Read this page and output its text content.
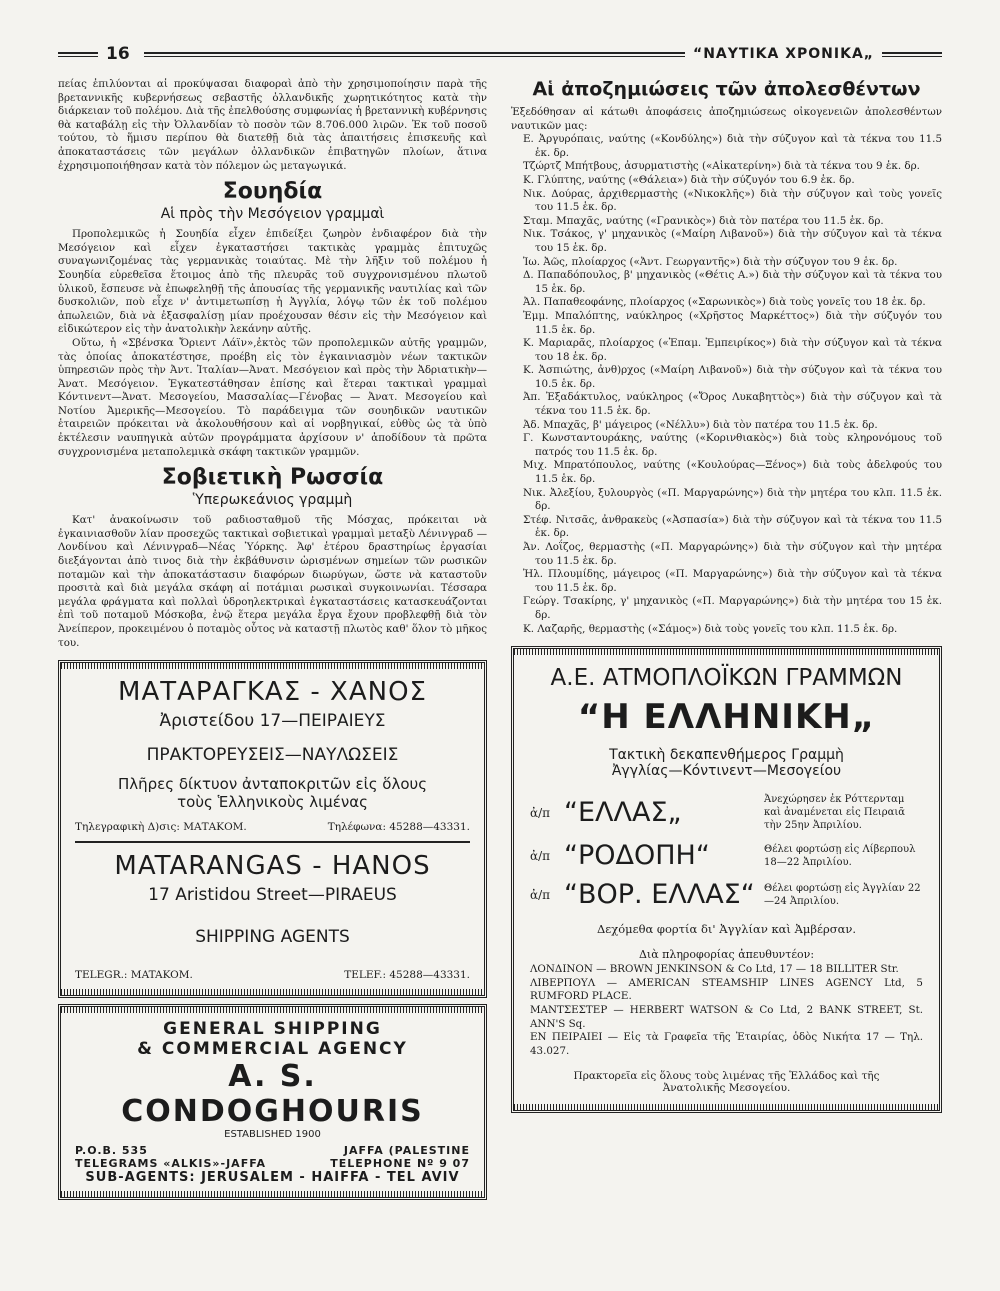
16	“ΝΑΥΤΙΚΑ ΧΡΟΝΙΚΑ„

πείας ἐπιλύονται αἱ προκύψασαι διαφοραὶ ἀπὸ τὴν χρησιμοποίησιν παρὰ τῆς βρεταννικῆς κυβερνήσεως σεβαστῆς ὀλλανδικῆς χωρητικότητος κατὰ τὴν διάρκειαν τοῦ πολέμου. Διὰ τῆς ἐπελθούσης συμφωνίας ἡ βρεταννικὴ κυβέρνησις θὰ καταβάλῃ εἰς τὴν Ὀλλανδίαν τὸ ποσὸν τῶν 8.706.000 λιρῶν. Ἐκ τοῦ ποσοῦ τούτου, τὸ ἥμισυ περίπου θὰ διατεθῇ διὰ τὰς ἀπαιτήσεις ἐπισκευῆς καὶ ἀποκαταστάσεις τῶν μεγάλων ὀλλανδικῶν ἐπιβατηγῶν πλοίων, ἅτινα ἐχρησιμοποιήθησαν κατὰ τὸν πόλεμον ὡς μεταγωγικά.

Σουηδία
Αἱ πρὸς τὴν Μεσόγειον γραμμαὶ

Προπολεμικῶς ἡ Σουηδία εἶχεν ἐπιδείξει ζωηρὸν ἐνδιαφέρον διὰ τὴν Μεσόγειον καὶ εἶχεν ἐγκαταστήσει τακτικὰς γραμμὰς ἐπιτυχῶς συναγωνιζομένας τὰς γερμανικὰς τοιαύτας. Μὲ τὴν λῆξιν τοῦ πολέμου ἡ Σουηδία εὑρεθεῖσα ἕτοιμος ἀπὸ τῆς πλευρᾶς τοῦ συγχρονισμένου πλωτοῦ ὑλικοῦ, ἔσπευσε νὰ ἐπωφεληθῇ τῆς ἀπουσίας τῆς γερμανικῆς ναυτιλίας καὶ τῶν δυσκολιῶν, ποὺ εἶχε ν' ἀντιμετωπίσῃ ἡ Ἀγγλία, λόγῳ τῶν ἐκ τοῦ πολέμου ἀπωλειῶν, διὰ νὰ ἐξασφαλίσῃ μίαν προέχουσαν θέσιν εἰς τὴν Μεσόγειον καὶ εἰδικώτερον εἰς τὴν ἀνατολικὴν λεκάνην αὐτῆς.

Οὕτω, ἡ «Σβένσκα Ὄριεντ Λάϊν»,ἐκτὸς τῶν προπολεμικῶν αὐτῆς γραμμῶν, τὰς ὁποίας ἀποκατέστησε, προέβη εἰς τὸν ἐγκαινιασμὸν νέων τακτικῶν ὑπηρεσιῶν πρὸς τὴν Ἀντ. Ἰταλίαν—Ἀνατ. Μεσόγειον καὶ πρὸς τὴν Ἀδριατικὴν—Ἀνατ. Μεσόγειον. Ἐγκατεστάθησαν ἐπίσης καὶ ἕτεραι τακτικαὶ γραμμαὶ Κόντινεντ—Ἀνατ. Μεσογείου, Μασσαλίας—Γένοβας — Ἀνατ. Μεσογείου καὶ Νοτίου Ἀμερικῆς—Μεσογείου. Τὸ παράδειγμα τῶν σουηδικῶν ναυτικῶν ἑταιρειῶν πρόκειται νὰ ἀκολουθήσουν καὶ αἱ νορβηγικαί, εὐθὺς ὡς τὰ ὑπὸ ἐκτέλεσιν ναυπηγικὰ αὐτῶν προγράμματα ἀρχίσουν ν' ἀποδίδουν τὰ πρῶτα συγχρονισμένα μεταπολεμικὰ σκάφη τακτικῶν γραμμῶν.

Σοβιετικὴ Ρωσσία
Ὑπερωκεάνιος γραμμὴ

Κατ' ἀνακοίνωσιν τοῦ ραδιοσταθμοῦ τῆς Μόσχας, πρόκειται νὰ ἐγκαινιασθοῦν λίαν προσεχῶς τακτικαὶ σοβιετικαὶ γραμμαὶ μεταξὺ Λένινγραδ —Λονδίνου καὶ Λένινγραδ—Νέας Ὑόρκης. Ἀφ' ἑτέρου δραστηρίως ἐργασίαι διεξάγονται ἀπὸ τινος διὰ τὴν ἐκβάθυνσιν ὡρισμένων σημείων τῶν ρωσικῶν ποταμῶν καὶ τὴν ἀποκατάστασιν διαφόρων διωρύγων, ὥστε νὰ καταστοῦν προσιτὰ καὶ διὰ μεγάλα σκάφη αἱ ποτάμιαι ρωσικαὶ συγκοινωνίαι. Τέσσαρα μεγάλα φράγματα καὶ πολλαὶ ὑδροηλεκτρικαὶ ἐγκαταστάσεις κατασκευάζονται ἐπὶ τοῦ ποταμοῦ Μόσκοβα, ἐνῷ ἕτερα μεγάλα ἔργα ἔχουν προβλεφθῇ διὰ τὸν Ἀνείπερον, προκειμένου ὁ ποταμὸς οὗτος νὰ καταστῇ πλωτὸς καθ' ὅλον τὸ μῆκος του.

ΜΑΤΑΡΑΓΚΑΣ - ΧΑΝΟΣ
Ἀριστείδου 17—ΠΕΙΡΑΙΕΥΣ
ΠΡΑΚΤΟΡΕΥΣΕΙΣ—ΝΑΥΛΩΣΕΙΣ
Πλῆρες δίκτυον ἀνταποκριτῶν εἰς ὅλους τοὺς Ἑλληνικοὺς λιμένας
Τηλεγραφικὴ Δ)σις: ΜΑΤΑΚΟΜ.	Τηλέφωνα: 45288—43331.
MATARANGAS - HANOS
17 Aristidou Street—PIRAEUS
SHIPPING AGENTS
TELEGR.: MATAKOM.	TELEF.: 45288—43331.
GENERAL SHIPPING
& COMMERCIAL AGENCY
A. S. CONDOGHOURIS
ESTABLISHED 1900
P.O.B. 535	JAFFA (PALESTINE
TELEGRAMS «ALKIS»-JAFFA	TELEPHONE Nº 9 07
SUB-AGENTS: JERUSALEM - HAIFFA - TEL AVIV
Αἱ ἀποζημιώσεις τῶν ἀπολεσθέντων

Ἐξεδόθησαν αἱ κάτωθι ἀποφάσεις ἀποζημιώσεως οἰκογενειῶν ἀπολεσθέντων ναυτικῶν μας:

Ε. Ἀργυρόπαις, ναύτης («Κονδύλης») διὰ τὴν σύζυγον καὶ τὰ τέκνα του 11.5 ἑκ. δρ.

Τζώρτζ Μπήτβους, ἀσυρματιστὴς («Αἰκατερίνη») διὰ τὰ τέκνα του 9 ἑκ. δρ.

Κ. Γλύπτης, ναύτης («Θάλεια») διὰ τὴν σύζυγόν του 6.9 ἑκ. δρ.

Νικ. Δούρας, ἀρχιθερμαστὴς («Νικοκλῆς») διὰ τὴν σύζυγον καὶ τοὺς γονεῖς του 11.5 ἑκ. δρ.

Σταμ. Μπαχᾶς, ναύτης («Γρανικὸς») διὰ τὸν πατέρα του 11.5 ἑκ. δρ.

Νικ. Τσάκος, γ' μηχανικὸς («Μαίρη Λιβανοῦ») διὰ τὴν σύζυγον καὶ τὰ τέκνα του 15 ἑκ. δρ.

Ἰω. Ἀῶς, πλοίαρχος («Ἀντ. Γεωργαντῆς») διὰ τὴν σύζυγον του 9 ἑκ. δρ.

Δ. Παπαδόπουλος, β' μηχανικὸς («Θέτις Α.») διὰ τὴν σύζυγον καὶ τὰ τέκνα του 15 ἑκ. δρ.

Ἀλ. Παπαθεοφάνης, πλοίαρχος («Σαρωνικὸς») διὰ τοὺς γονεῖς του 18 ἑκ. δρ.

Ἐμμ. Μπαλόπτης, ναύκληρος («Χρῆστος Μαρκέττος») διὰ τὴν σύζυγόν του 11.5 ἑκ. δρ.

Κ. Μαριαρᾶς, πλοίαρχος («Ἐπαμ. Ἐμπειρίκος») διὰ τὴν σύζυγον καὶ τὰ τέκνα του 18 ἑκ. δρ.

Κ. Ἀσπιώτης, ἀνθ)ρχος («Μαίρη Λιβανοῦ») διὰ τὴν σύζυγον καὶ τὰ τέκνα του 10.5 ἑκ. δρ.

Ἀπ. Ἐξαδάκτυλος, ναύκληρος («Ὄρος Λυκαβηττὸς») διὰ τὴν σύζυγον καὶ τὰ τέκνα του 11.5 ἑκ. δρ.

Ἀδ. Μπαχᾶς, β' μάγειρος («Νέλλυ») διὰ τὸν πατέρα του 11.5 ἑκ. δρ.

Γ. Κωνσταντουράκης, ναύτης («Κορινθιακὸς») διὰ τοὺς κληρονόμους τοῦ πατρός του 11.5 ἑκ. δρ.

Μιχ. Μπρατόπουλος, ναύτης («Κουλούρας—Ξένος») διὰ τοὺς ἀδελφούς του 11.5 ἑκ. δρ.

Νικ. Ἀλεξίου, ξυλουργὸς («Π. Μαργαρώνης») διὰ τὴν μητέρα του κλπ. 11.5 ἑκ. δρ.

Στέφ. Νιτσᾶς, ἀνθρακεὺς («Ἀσπασία») διὰ τὴν σύζυγον καὶ τὰ τέκνα του 11.5 ἑκ. δρ.

Ἀν. Λοΐζος, θερμαστὴς («Π. Μαργαρώνης») διὰ τὴν σύζυγον καὶ τὴν μητέρα του 11.5 ἑκ. δρ.

Ἠλ. Πλουμίδης, μάγειρος («Π. Μαργαρώνης») διὰ τὴν σύζυγον καὶ τὰ τέκνα του 11.5 ἑκ. δρ.

Γεώργ. Τσακίρης, γ' μηχανικὸς («Π. Μαργαρώνης») διὰ τὴν μητέρα του 15 ἑκ. δρ.

Κ. Λαζαρῆς, θερμαστὴς («Σάμος») διὰ τοὺς γονεῖς του κλπ. 11.5 ἑκ. δρ.

Α.Ε. ΑΤΜΟΠΛΟΪΚΩΝ ΓΡΑΜΜΩΝ
“Η ΕΛΛΗΝΙΚΗ„
Τακτικὴ δεκαπενθήμερος Γραμμὴ
Ἀγγλίας—Κόντινεντ—Μεσογείου
ἀ/π “ΕΛΛΑΣ„	Ἀνεχώρησεν ἐκ Ρόττερνταμ καὶ ἀναμένεται εἰς Πειραιᾶ τὴν 25ην Ἀπριλίου.
ἀ/π “ΡΟΔΟΠΗ“	Θέλει φορτώσῃ εἰς Λίβερπουλ 18—22 Ἀπριλίου.
ἀ/π “ΒΟΡ. ΕΛΛΑΣ“ Θέλει φορτώσῃ εἰς Ἀγγλίαν 22—24 Ἀπριλίου.
Δεχόμεθα φορτία δι' Ἀγγλίαν καὶ Ἀμβέρσαν.
Διὰ πληροφορίας ἀπευθυντέον:

ΛΟΝΔΙΝΟΝ — BROWN JENKINSON & Co Ltd, 17 — 18 BILLITER Str.

ΛΙΒΕΡΠΟΥΛ — AMERICAN STEAMSHIP LINES AGENCY Ltd, 5 RUMFORD PLACE.

ΜΑΝΤΣΕΣΤΕΡ — HERBERT WATSON & Co Ltd, 2 BANK STREET, St. ANN'S Sq.

ΕΝ ΠΕΙΡΑΙΕΙ — Εἰς τὰ Γραφεῖα τῆς Ἑταιρίας, ὁδὸς Νικήτα 17 — Τηλ. 43.027.

Πρακτορεῖα εἰς ὅλους τοὺς λιμένας τῆς Ἑλλάδος καὶ τῆς Ἀνατολικῆς Μεσογείου.
